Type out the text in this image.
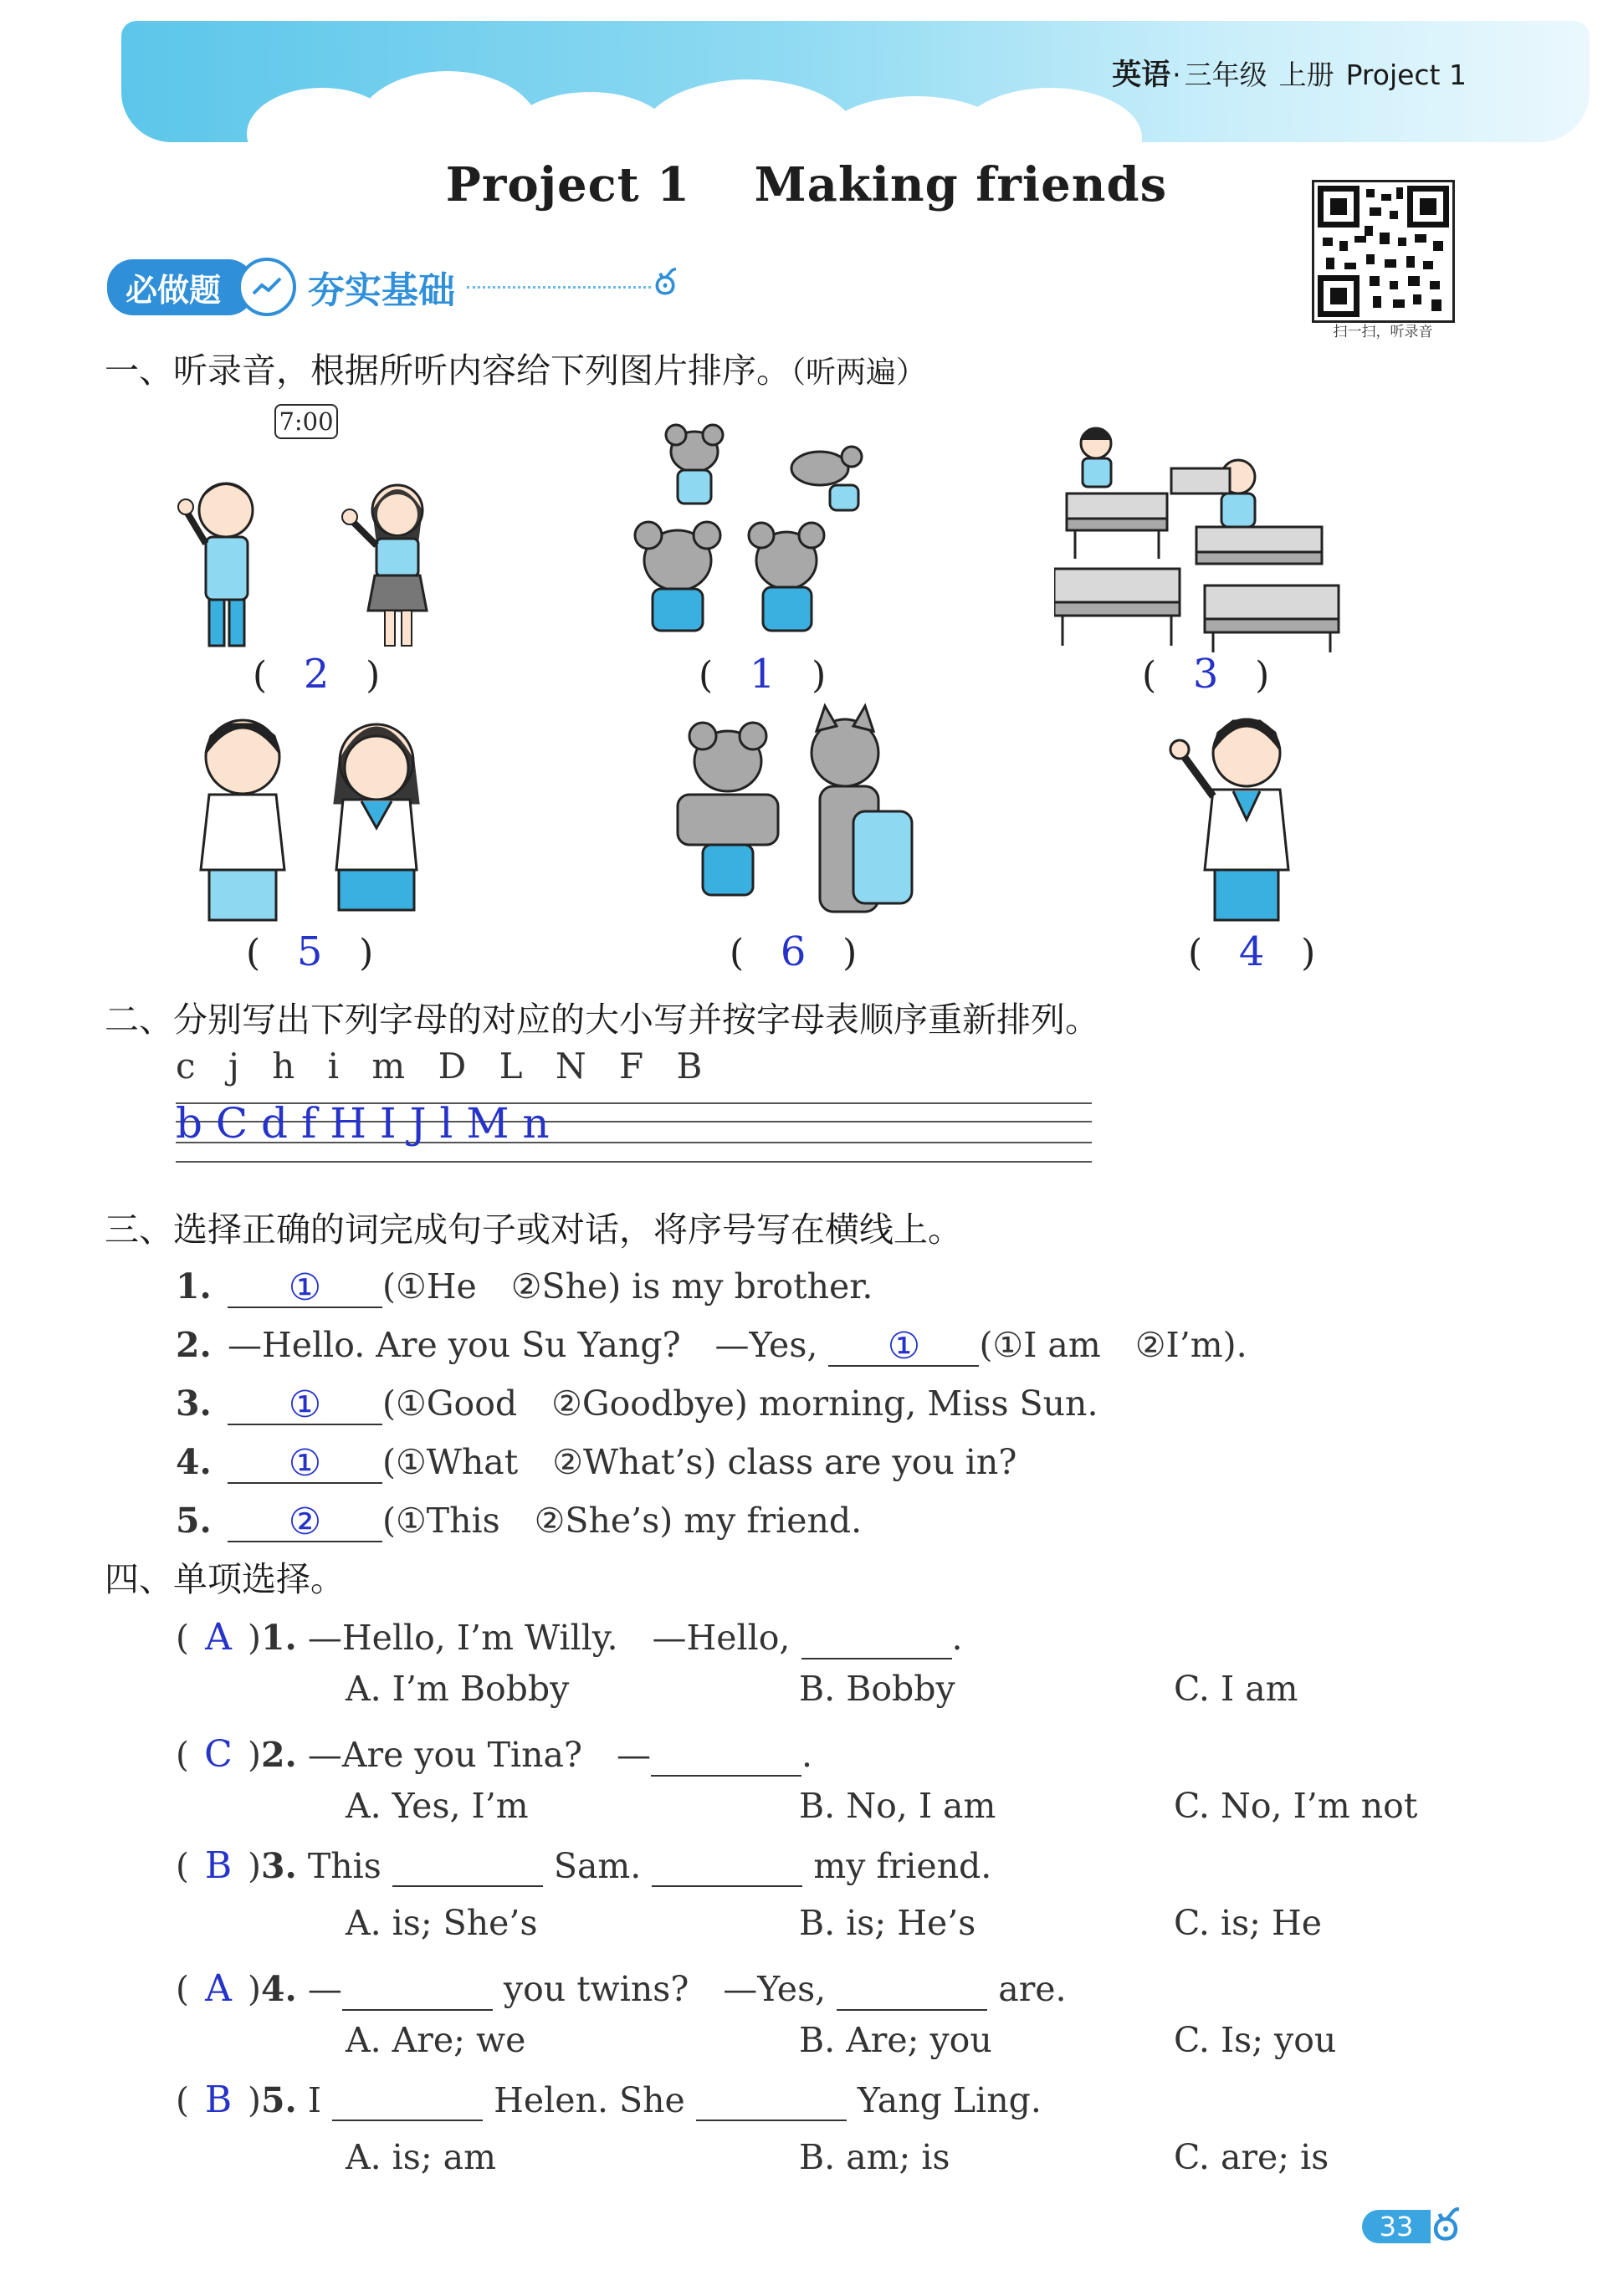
英语 · 三年级 上册 Project 1
Project 1 Making friends
扫一扫，听录音
必做题	夯实基础	ఠ
一、听录音，根据所听内容给下列图片排序。（听两遍）
7:00
( 2 )	( 1 )	( 3 )
( 5 )	( 6 )	( 4 )
二、分别写出下列字母的对应的大小写并按字母表顺序重新排列。
c j h i m D L N F B
b C d f H I J l M n
三、选择正确的词完成句子或对话，将序号写在横线上。
1. ① (①He　②She) is my brother.
2. —Hello. Are you Su Yang?　—Yes, ① (①I am　②I’m).
3. ① (①Good　②Goodbye) morning, Miss Sun.
4. ① (①What　②What’s) class are you in?
5. ② (①This　②She’s) my friend.
四、单项选择。
( A )1. —Hello, I’m Willy.　—Hello,	.
A. I’m Bobby	B. Bobby	C. I am
( C )2. —Are you Tina?　—	.
A. Yes, I’m	B. No, I am	C. No, I’m not
( B )3. This	Sam.	my friend.
A. is; She’s	B. is; He’s	C. is; He
( A )4. —	you twins?　—Yes,	are.
A. Are; we	B. Are; you	C. Is; you
( B )5. I	Helen. She	Yang Ling.
A. is; am	B. am; is	C. are; is
33 ఠ
